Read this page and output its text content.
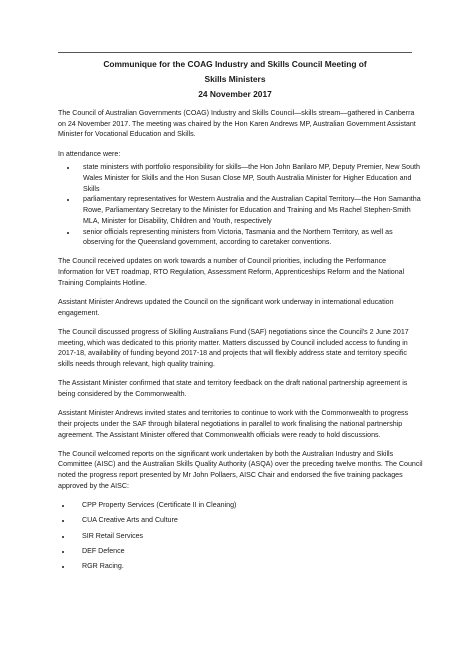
Communique for the COAG Industry and Skills Council Meeting of
Skills Ministers
24 November 2017

The Council of Australian Governments (COAG) Industry and Skills Council—skills stream—gathered in Canberra on 24 November 2017. The meeting was chaired by the Hon Karen Andrews MP, Australian Government Assistant Minister for Vocational Education and Skills.

In attendance were:

• state ministers with portfolio responsibility for skills—the Hon John Barilaro MP, Deputy Premier, New South Wales Minister for Skills and the Hon Susan Close MP, South Australia Minister for Higher Education and Skills
• parliamentary representatives for Western Australia and the Australian Capital Territory—the Hon Samantha Rowe, Parliamentary Secretary to the Minister for Education and Training and Ms Rachel Stephen-Smith MLA, Minister for Disability, Children and Youth, respectively
• senior officials representing ministers from Victoria, Tasmania and the Northern Territory, as well as observing for the Queensland government, according to caretaker conventions.

The Council received updates on work towards a number of Council priorities, including the Performance Information for VET roadmap, RTO Regulation, Assessment Reform, Apprenticeships Reform and the National Training Complaints Hotline.

Assistant Minister Andrews updated the Council on the significant work underway in international education engagement.

The Council discussed progress of Skilling Australians Fund (SAF) negotiations since the Council's 2 June 2017 meeting, which was dedicated to this priority matter. Matters discussed by Council included access to funding in 2017-18, availability of funding beyond 2017-18 and projects that will flexibly address state and territory specific skills needs through relevant, high quality training.

The Assistant Minister confirmed that state and territory feedback on the draft national partnership agreement is being considered by the Commonwealth.

Assistant Minister Andrews invited states and territories to continue to work with the Commonwealth to progress their projects under the SAF through bilateral negotiations in parallel to work finalising the national partnership agreement. The Assistant Minister offered that Commonwealth officials were ready to hold discussions.

The Council welcomed reports on the significant work undertaken by both the Australian Industry and Skills Committee (AISC) and the Australian Skills Quality Authority (ASQA) over the preceding twelve months. The Council noted the progress report presented by Mr John Pollaers, AISC Chair and endorsed the five training packages approved by the AISC:

• CPP Property Services (Certificate II in Cleaning)
• CUA Creative Arts and Culture
• SIR Retail Services
• DEF Defence
• RGR Racing.
